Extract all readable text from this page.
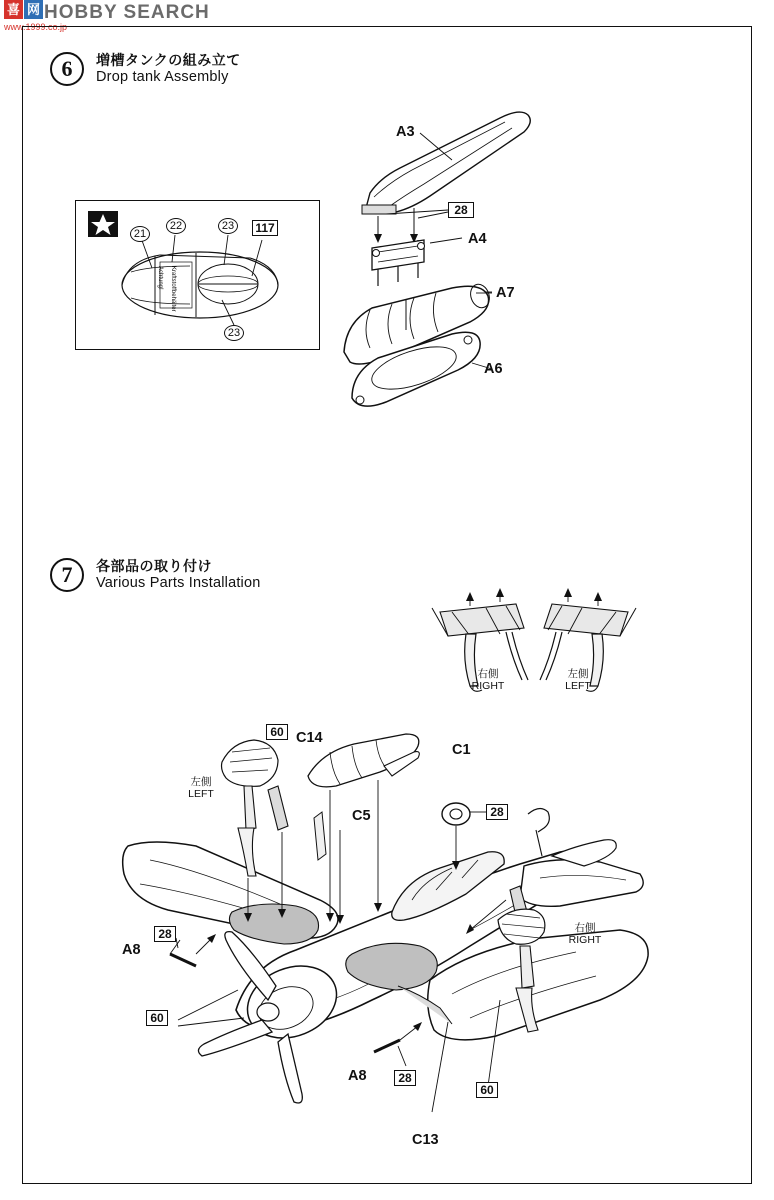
喜 网 HOBBY SEARCH
www.1999.co.jp
6	増槽タンクの組み立て
Drop tank Assembly
21
22	23	117
23
Achtung!
A3
A4
A7
A6
28
7	各部品の取り付け
Various Parts Installation
右側
RIGHT
左側
LEFT
60 C14
C5
C1
28
左側
LEFT
右側
RIGHT
28
A8
60
A8	28
60
C13
